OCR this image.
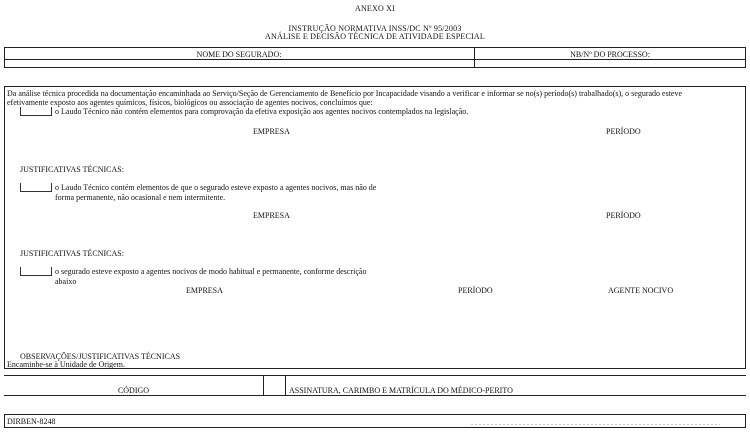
ANEXO XI
INSTRUÇÃO NORMATIVA INSS/DC Nº 95/2003
ANÁLISE E DECISÃO TÉCNICA DE ATIVIDADE ESPECIAL
NOME DO SEGURADO:	NB/Nº DO PROCESSO:
Da análise técnica procedida na documentação encaminhada ao Serviço/Seção de Gerenciamento de Benefício por Incapacidade visando a verificar e informar se no(s) período(s) trabalhado(s), o segurado esteve
efetivamente exposto aos agentes químicos, físicos, biológicos ou associação de agentes nocivos, concluímos que:
o Laudo Técnico não contém elementos para comprovação da efetiva exposição aos agentes nocivos contemplados na legislação.
EMPRESA	PERÍODO
JUSTIFICATIVAS TÉCNICAS:
o Laudo Técnico contém elementos de que o segurado esteve exposto a agentes nocivos, mas não de
forma permanente, não ocasional e nem intermitente.
EMPRESA	PERÍODO
JUSTIFICATIVAS TÉCNICAS:
o segurado esteve exposto a agentes nocivos de modo habitual e permanente, conforme descrição
abaixo
EMPRESA	PERÍODO	AGENTE NOCIVO
OBSERVAÇÕES/JUSTIFICATIVAS TÉCNICAS
Encaminhe-se à Unidade de Origem.
CÓDIGO	ASSINATURA, CARIMBO E MATRÍCULA DO MÉDICO-PERITO
DIRBEN-8248
